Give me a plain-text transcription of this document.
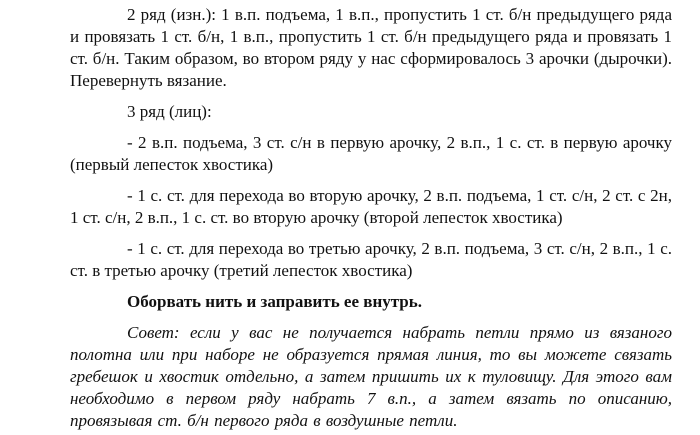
2 ряд (изн.): 1 в.п. подъема, 1 в.п., пропустить 1 ст. б/н предыдущего ряда и провязать 1 ст. б/н, 1 в.п., пропустить 1 ст. б/н предыдущего ряда и провязать 1 ст. б/н. Таким образом, во втором ряду у нас сформировалось 3 арочки (дырочки). Перевернуть вязание.

3 ряд (лиц):

- 2 в.п. подъема, 3 ст. с/н в первую арочку, 2 в.п., 1 с. ст. в первую арочку (первый лепесток хвостика)

- 1 с. ст. для перехода во вторую арочку, 2 в.п. подъема, 1 ст. с/н, 2 ст. с 2н, 1 ст. с/н, 2 в.п., 1 с. ст. во вторую арочку (второй лепесток хвостика)

- 1 с. ст. для перехода во третью арочку, 2 в.п. подъема, 3 ст. с/н, 2 в.п., 1 с. ст. в третью арочку (третий лепесток хвостика)

Оборвать нить и заправить ее внутрь.

Совет: если у вас не получается набрать петли прямо из вязаного полотна или при наборе не образуется прямая линия, то вы можете связать гребешок и хвостик отдельно, а затем пришить их к туловищу. Для этого вам необходимо в первом ряду набрать 7 в.п., а затем вязать по описанию, провязывая ст. б/н первого ряда в воздушные петли.
